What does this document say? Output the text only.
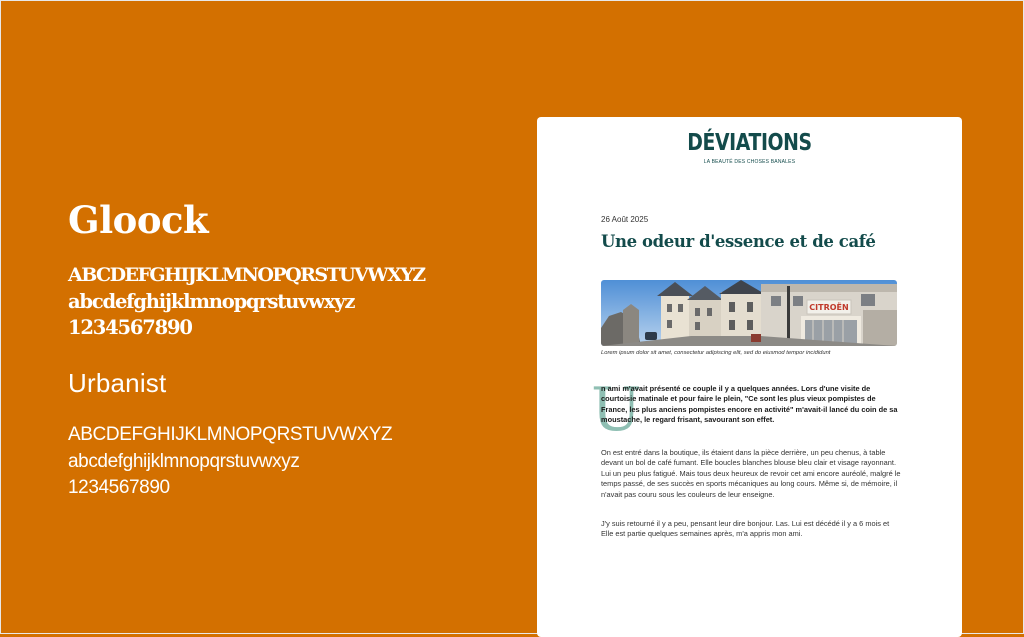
Gloock
ABCDEFGHIJKLMNOPQRSTUVWXYZ
abcdefghijklmnopqrstuvwxyz
1234567890
Urbanist
ABCDEFGHIJKLMNOPQRSTUVWXYZ
abcdefghijklmnopqrstuvwxyz
1234567890
DÉVIATIONS
LA BEAUTÉ DES CHOSES BANALES
26 Août 2025
Une odeur d'essence et de café
CITROËN
Lorem ipsum dolor sit amet, consectetur adipiscing elit, sed do eiusmod tempor incididunt
U
n ami m'avait présenté ce couple il y a quelques années. Lors d'une visite de courtoisie matinale et pour faire le plein, "Ce sont les plus vieux pompistes de France, les plus anciens pompistes encore en activité" m'avait-il lancé du coin de sa moustache, le regard frisant, savourant son effet.
On est entré dans la boutique, ils étaient dans la pièce derrière, un peu chenus, à table devant un bol de café fumant. Elle boucles blanches blouse bleu clair et visage rayonnant. Lui un peu plus fatigué. Mais tous deux heureux de revoir cet ami encore auréolé, malgré le temps passé, de ses succès en sports mécaniques au long cours. Même si, de mémoire, il n'avait pas couru sous les couleurs de leur enseigne.
J'y suis retourné il y a peu, pensant leur dire bonjour. Las. Lui est décédé il y a 6 mois et Elle est partie quelques semaines après, m'a appris mon ami.
